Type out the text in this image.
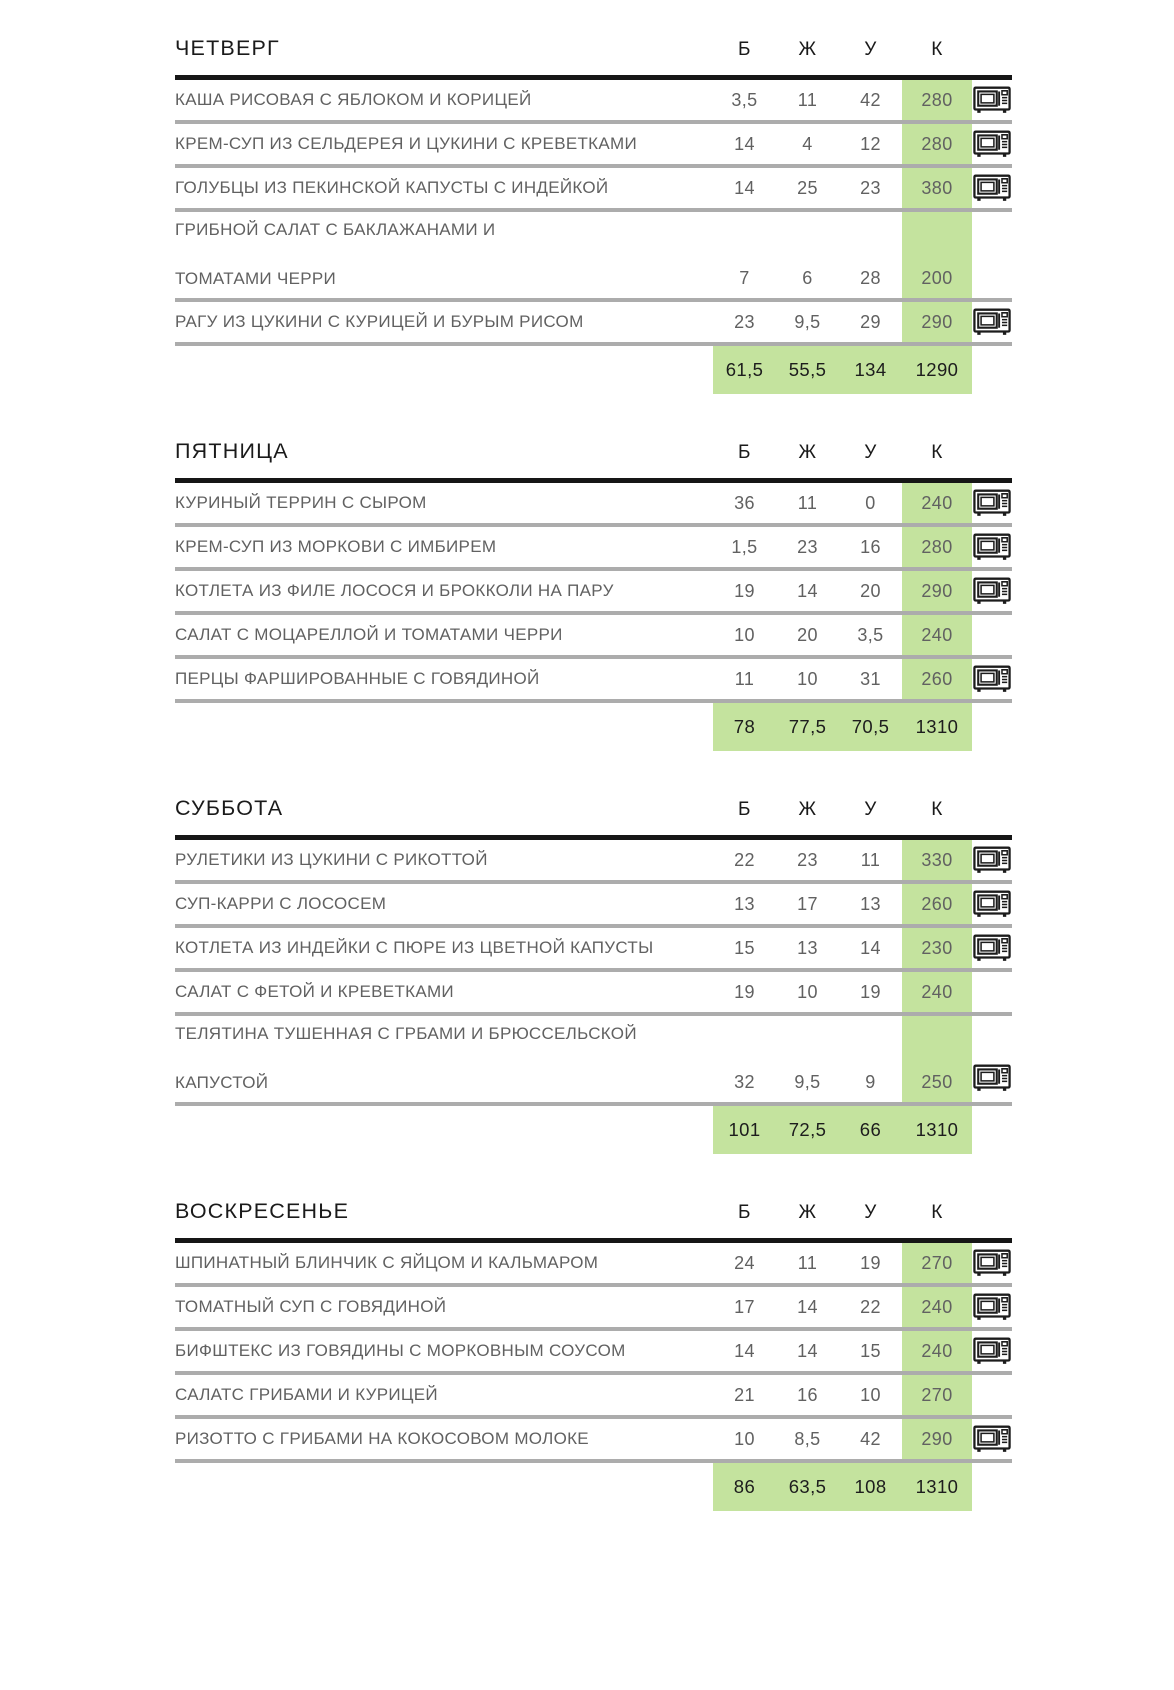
ЧЕТВЕРГ	Б	Ж	У	К
КАША РИСОВАЯ С ЯБЛОКОМ И КОРИЦЕЙ	3,5	11	42	280
КРЕМ-СУП ИЗ СЕЛЬДЕРЕЯ И ЦУКИНИ С КРЕВЕТКАМИ	14	4	12	280
ГОЛУБЦЫ ИЗ ПЕКИНСКОЙ КАПУСТЫ С ИНДЕЙКОЙ	14	25	23	380
ГРИБНОЙ САЛАТ С БАКЛАЖАНАМИ И
ТОМАТАМИ ЧЕРРИ	7	6	28	200
РАГУ ИЗ ЦУКИНИ С КУРИЦЕЙ И БУРЫМ РИСОМ	23	9,5	29	290
61,5	55,5	134	1290
ПЯТНИЦА	Б	Ж	У	К
КУРИНЫЙ ТЕРРИН С СЫРОМ	36	11	0	240
КРЕМ-СУП ИЗ МОРКОВИ С ИМБИРЕМ	1,5	23	16	280
КОТЛЕТА ИЗ ФИЛЕ ЛОСОСЯ И БРОККОЛИ НА ПАРУ	19	14	20	290
САЛАТ С МОЦАРЕЛЛОЙ И ТОМАТАМИ ЧЕРРИ	10	20	3,5	240
ПЕРЦЫ ФАРШИРОВАННЫЕ С ГОВЯДИНОЙ	11	10	31	260
78	77,5	70,5	1310
СУББОТА	Б	Ж	У	К
РУЛЕТИКИ ИЗ ЦУКИНИ С РИКОТТОЙ	22	23	11	330
СУП-КАРРИ С ЛОСОСЕМ	13	17	13	260
КОТЛЕТА ИЗ ИНДЕЙКИ С ПЮРЕ ИЗ ЦВЕТНОЙ КАПУСТЫ	15	13	14	230
САЛАТ С ФЕТОЙ И КРЕВЕТКАМИ	19	10	19	240
ТЕЛЯТИНА ТУШЕННАЯ С ГРБАМИ И БРЮССЕЛЬСКОЙ
КАПУСТОЙ	32	9,5	9	250
101	72,5	66	1310
ВОСКРЕСЕНЬЕ	Б	Ж	У	К
ШПИНАТНЫЙ БЛИНЧИК С ЯЙЦОМ И КАЛЬМАРОМ	24	11	19	270
ТОМАТНЫЙ СУП С ГОВЯДИНОЙ	17	14	22	240
БИФШТЕКС ИЗ ГОВЯДИНЫ С МОРКОВНЫМ СОУСОМ	14	14	15	240
САЛАТС ГРИБАМИ И КУРИЦЕЙ	21	16	10	270
РИЗОТТО С ГРИБАМИ НА КОКОСОВОМ МОЛОКЕ	10	8,5	42	290
86	63,5	108	1310
